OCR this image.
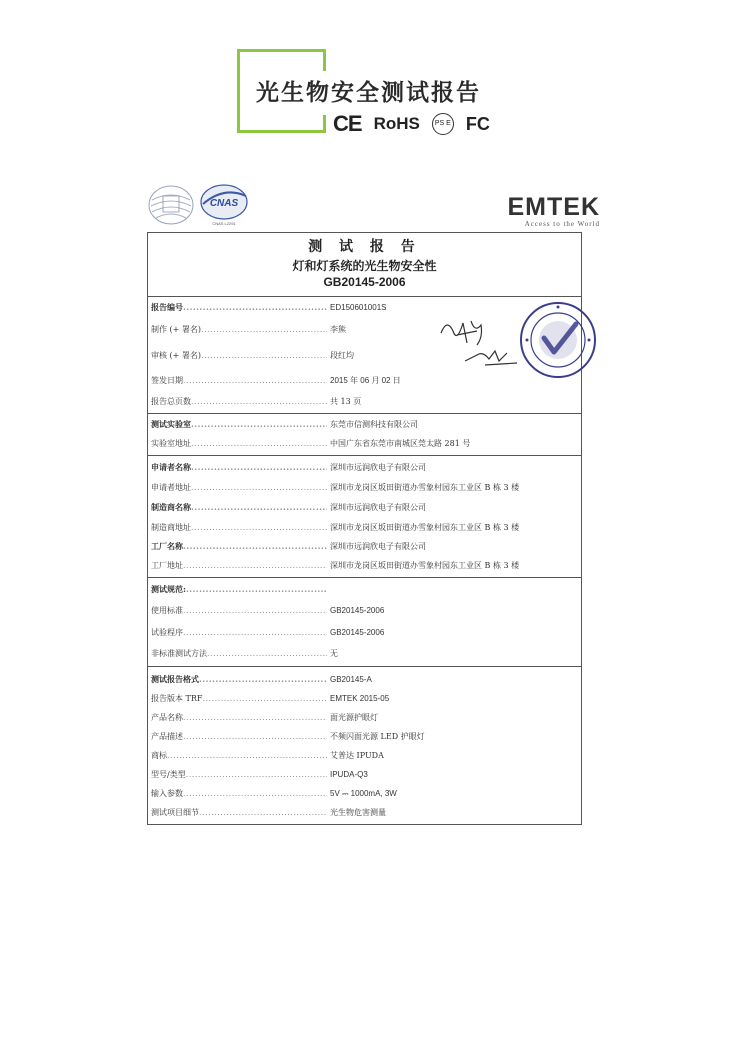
光生物安全测试报告
CE RoHS	PS E FC
CNAS
CNAS L2291
EMTEK
Access to the World
测 试 报 告
灯和灯系统的光生物安全性
GB20145-2006
报告编号 .....	ED150601001S
制作 (+ 署名) .....	李熊
审核 (+ 署名) .....	段红均
签发日期 .....	2015 年 06 月 02 日
报告总页数 .....	共 13 页
测试实验室 .....	东莞市信测科技有限公司
实验室地址 .....	中国广东省东莞市南城区莞太路 281 号
申请者名称 .....	深圳市远润欣电子有限公司
申请者地址 .....	深圳市龙岗区坂田街道办雪象村园东工业区 B 栋 3 楼
制造商名称 .....	深圳市远润欣电子有限公司
制造商地址 .....	深圳市龙岗区坂田街道办雪象村园东工业区 B 栋 3 楼
工厂名称 .....	深圳市远润欣电子有限公司
工厂地址 .....	深圳市龙岗区坂田街道办雪象村园东工业区 B 栋 3 楼
测试规范: .....
使用标准 .....	GB20145-2006
试验程序 .....	GB20145-2006
非标准测试方法 .....	无
测试报告格式 .....	GB20145-A
报告版本 TRF .....	EMTEK 2015-05
产品名称 .....	面光源护眼灯
产品描述 .....	不频闪面光源 LED 护眼灯
商标 .....	艾普达 IPUDA
型号/类型 .....	IPUDA-Q3
输入参数 .....	5V ⎓ 1000mA, 3W
测试项目细节 .....	光生物危害测量
